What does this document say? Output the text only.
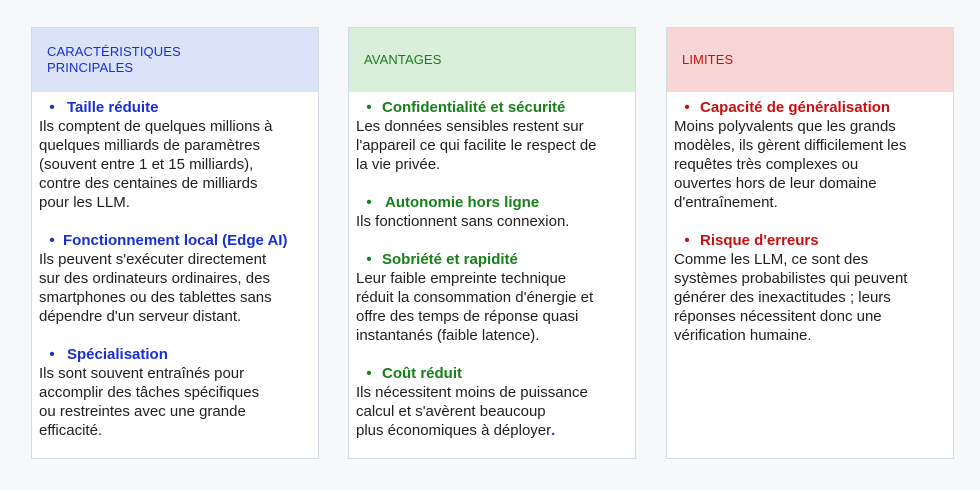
CARACTÉRISTIQUES
PRINCIPALES
• Taille réduite
Ils comptent de quelques millions à
quelques milliards de paramètres
(souvent entre 1 et 15 milliards),
contre des centaines de milliards
pour les LLM.
• Fonctionnement local (Edge AI)
Ils peuvent s'exécuter directement
sur des ordinateurs ordinaires, des
smartphones ou des tablettes sans
dépendre d'un serveur distant.
• Spécialisation
Ils sont souvent entraînés pour
accomplir des tâches spécifiques
ou restreintes avec une grande
efficacité.
AVANTAGES
• Confidentialité et sécurité
Les données sensibles restent sur
l'appareil ce qui facilite le respect de
la vie privée.
• Autonomie hors ligne
Ils fonctionnent sans connexion.
• Sobriété et rapidité
Leur faible empreinte technique
réduit la consommation d'énergie et
offre des temps de réponse quasi
instantanés (faible latence).
• Coût réduit
Ils nécessitent moins de puissance
calcul et s'avèrent beaucoup
plus économiques à déployer.
LIMITES
• Capacité de généralisation
Moins polyvalents que les grands
modèles, ils gèrent difficilement les
requêtes très complexes ou
ouvertes hors de leur domaine
d'entraînement.
• Risque d'erreurs
Comme les LLM, ce sont des
systèmes probabilistes qui peuvent
générer des inexactitudes ; leurs
réponses nécessitent donc une
vérification humaine.
